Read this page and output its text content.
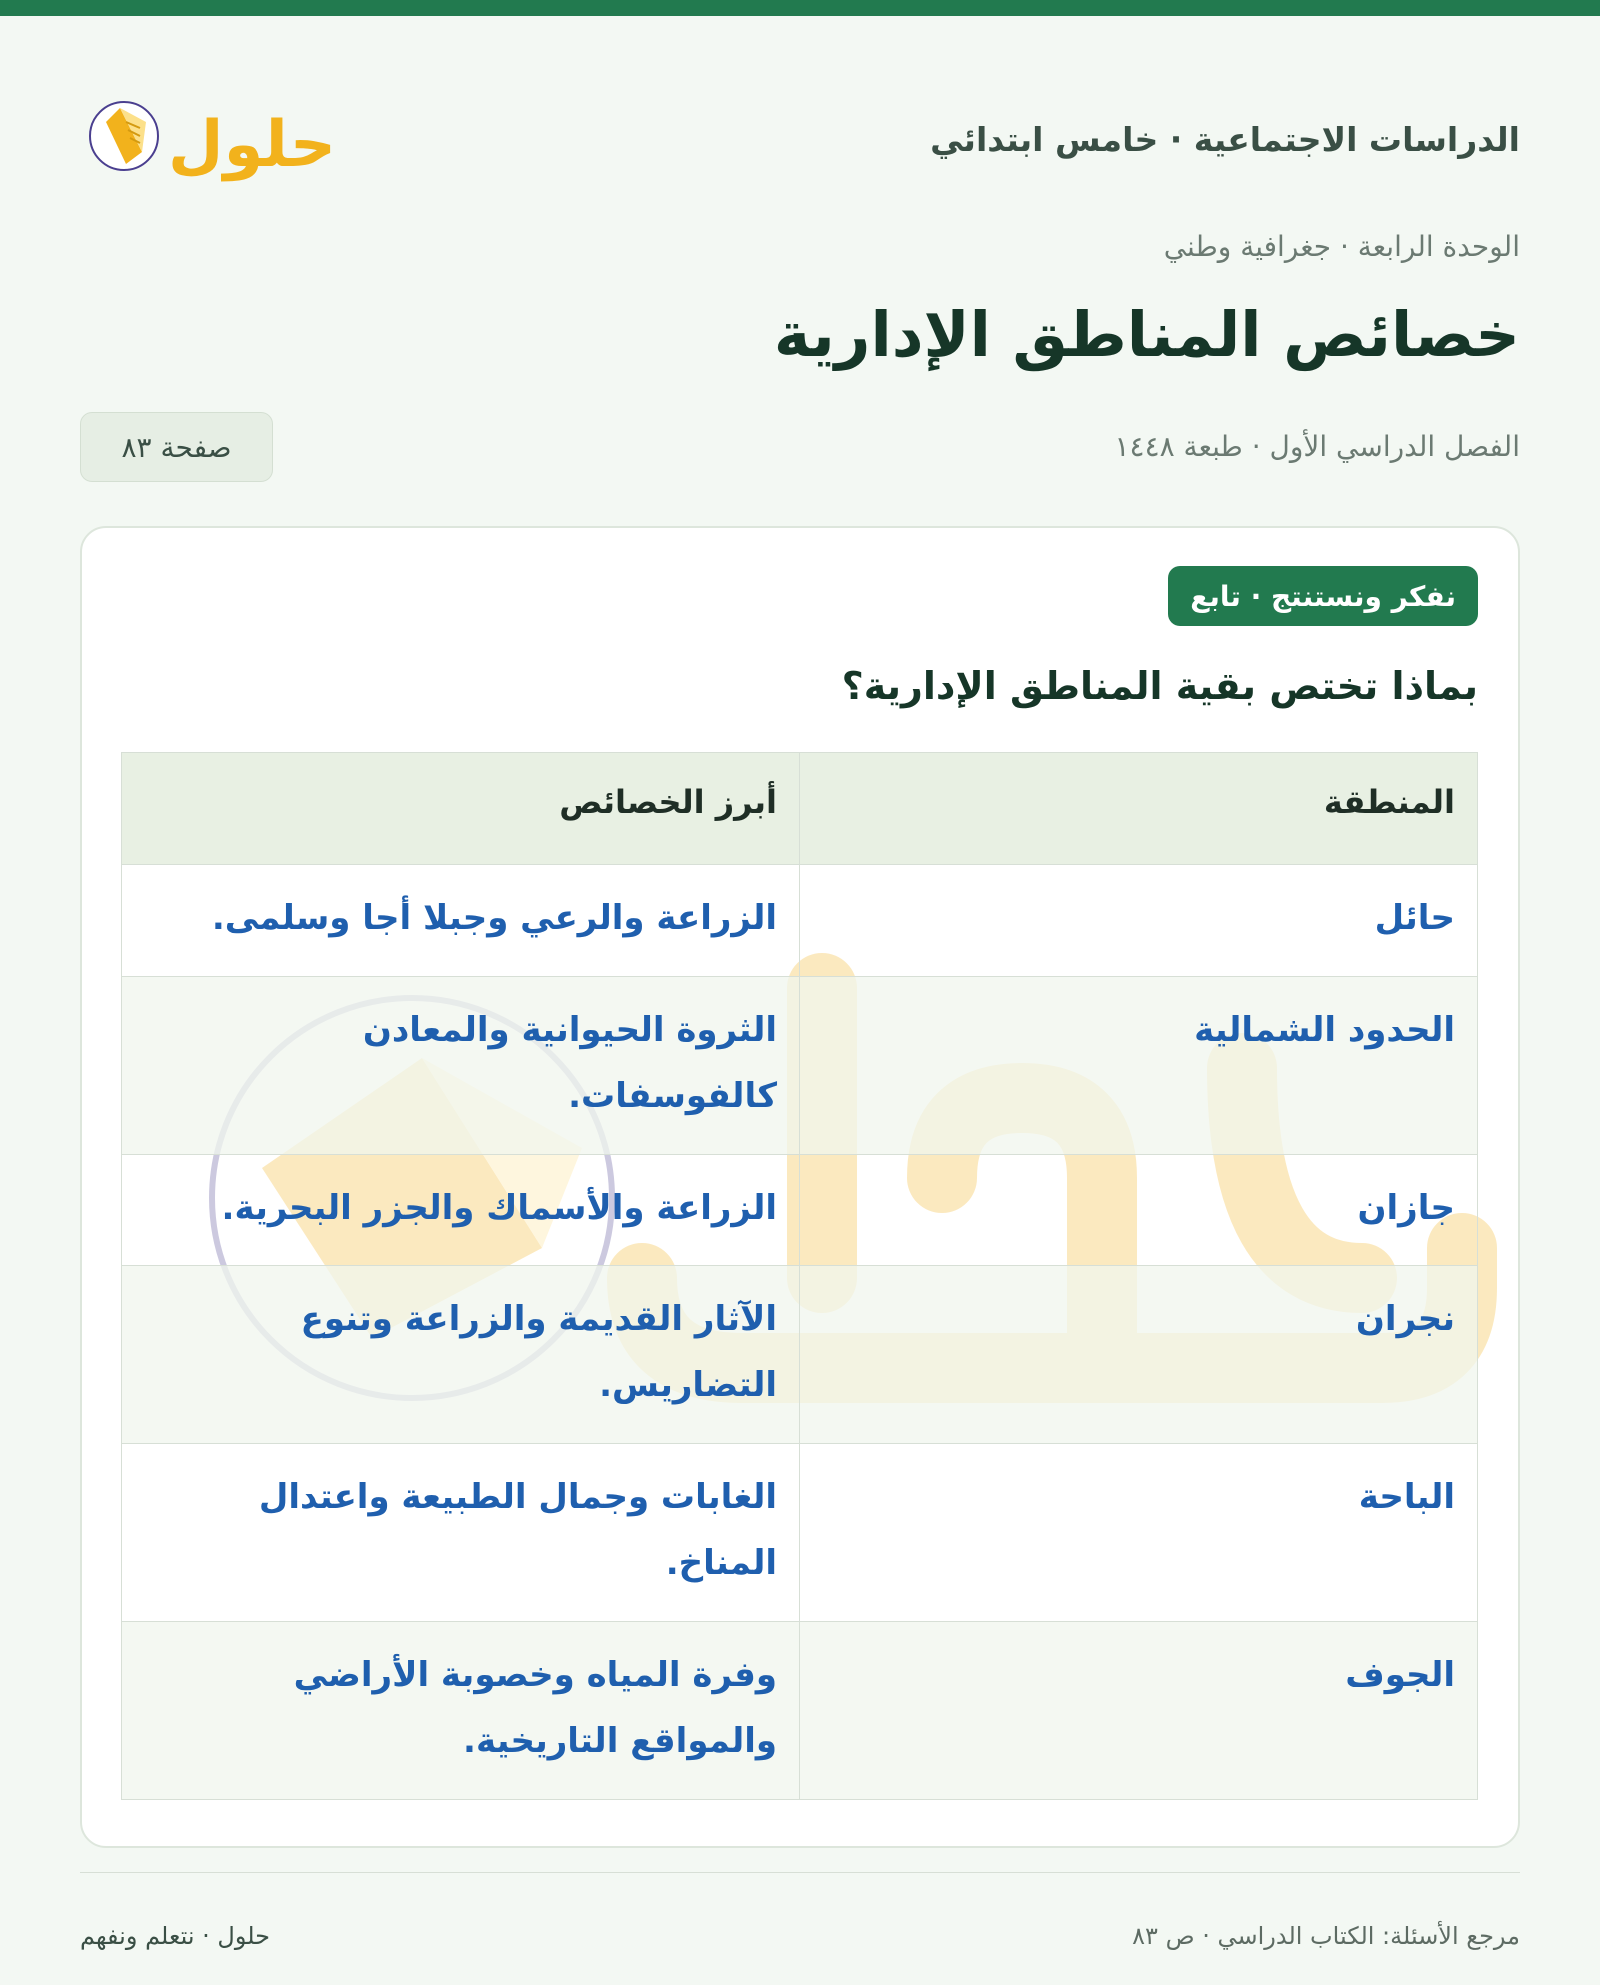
الدراسات الاجتماعية · خامس ابتدائي
حلول
الوحدة الرابعة · جغرافية وطني
خصائص المناطق الإدارية
الفصل الدراسي الأول · طبعة ١٤٤٨
صفحة ٨٣
نفكر ونستنتج · تابع
بماذا تختص بقية المناطق الإدارية؟
المنطقة	أبرز الخصائص
حائل	الزراعة والرعي وجبلا أجا وسلمى.
الحدود الشمالية	الثروة الحيوانية والمعادن كالفوسفات.
جازان	الزراعة والأسماك والجزر البحرية.
نجران	الآثار القديمة والزراعة وتنوع التضاريس.
الباحة	الغابات وجمال الطبيعة واعتدال المناخ.
الجوف	وفرة المياه وخصوبة الأراضي والمواقع التاريخية.
مرجع الأسئلة: الكتاب الدراسي · ص ٨٣
حلول · نتعلم ونفهم
